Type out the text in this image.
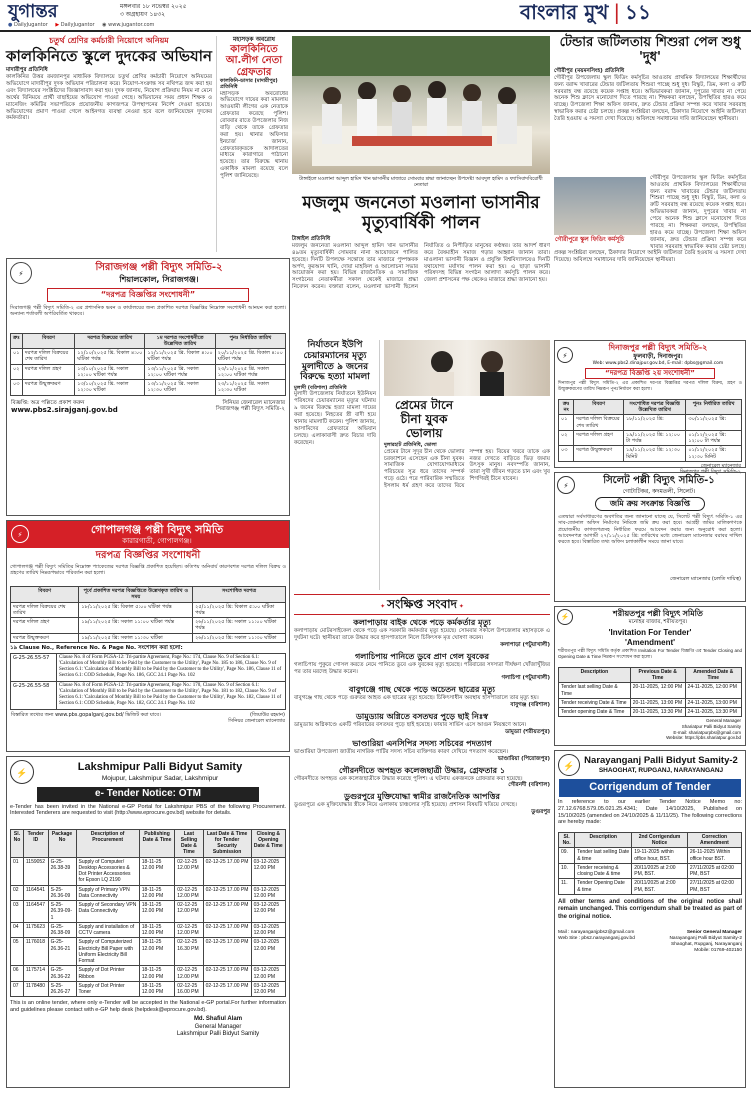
যুগান্তর	মঙ্গলবার ১৮ নভেম্বর ২০২৫
৩ অগ্রহায়ণ ১৪৩২
● DailyJugantor ▶ DailyJugantor ◉ www.jugantor.com
বাংলার মুখ | ১১
চতুর্থ শ্রেণির কর্মচারী নিয়োগে অনিয়ম
কালকিনিতে স্কুলে দুদকের অভিযান
মাদারীপুর প্রতিনিধি
কালকিনির উত্তর রমজানপুর মাধ্যমিক বিদ্যালয়ে চতুর্থ শ্রেণির কর্মচারী নিয়োগে অনিয়মের অভিযোগে মাদারীপুর দুদক অভিযান পরিচালনা করে। নিয়োগ-সংক্রান্ত সব নথিপত্র জব্দ করা হয় এবং বিদ্যালয়ের সংশ্লিষ্টদের জিজ্ঞাসাবাদ করা হয়। দুদক জানায়, নিয়োগ প্রক্রিয়ায় নিয়ম না মেনে অর্থের বিনিময়ে প্রার্থী বাছাইয়ের অভিযোগ পাওয়া গেছে। অভিযানের সময় প্রধান শিক্ষক ও ম্যানেজিং কমিটির সভাপতিকে প্রয়োজনীয় কাগজপত্র উপস্থাপনের নির্দেশ দেওয়া হয়েছে। অভিযোগের প্রমাণ পাওয়া গেলে আইনগত ব্যবস্থা নেওয়া হবে বলে জানিয়েছেন দুদকের কর্মকর্তারা।
মহাসড়ক অবরোধ
কালকিনিতে আ.লীগ নেতা গ্রেফতার
কালকিনি-ডাসার (মাদারীপুর) প্রতিনিধি
মহাসড়ক অবরোধের অভিযোগে দায়ের করা মামলায় আওয়ামী লীগের এক নেতাকে গ্রেফতার করেছে পুলিশ। রোববার রাতে উপজেলার নিজ বাড়ি থেকে তাকে গ্রেফতার করা হয়। থানার অফিসার ইনচার্জ জানান, গ্রেফতারকৃতকে আদালতের মাধ্যমে কারাগারে পাঠানো হয়েছে। তার বিরুদ্ধে থানায় একাধিক মামলা রয়েছে বলে পুলিশ জানিয়েছে।	টাঙ্গাইলে মওলানা আব্দুল হামিদ খান ভাসানীর মাজারে সোমবার শ্রদ্ধা জানাচ্ছেন উপদেষ্টা আবদুল হামিদ ও ফ্যাসিবাদবিরোধী নেতারা
মজলুম জননেতা মওলানা ভাসানীর মৃত্যুবার্ষিকী পালন
টাঙ্গাইল প্রতিনিধি
মজলুম জননেতা মওলানা আব্দুল হামিদ খান ভাসানীর ৪৯তম মৃত্যুবার্ষিকী সোমবার নানা আয়োজনে পালিত হয়েছে। দিনটি উপলক্ষে সন্তোষে তার মাজারে পুষ্পস্তবক অর্পণ, কুরআন খানি, দোয়া মাহফিল ও আলোচনা সভার আয়োজন করা হয়। বিভিন্ন রাজনৈতিক ও সামাজিক সংগঠনের নেতাকর্মীরা সকাল থেকেই মাজারে শ্রদ্ধা নিবেদন করেন। বক্তারা বলেন, মওলানা ভাসানী ছিলেন নির্যাতিত ও নিপীড়িত মানুষের কণ্ঠস্বর। তার আদর্শ ধারণ করে বৈষম্যহীন সমাজ গড়ার আহ্বান জানান তারা। মাওলানা ভাসানী বিজ্ঞান ও প্রযুক্তি বিশ্ববিদ্যালয়েও দিনটি যথাযোগ্য মর্যাদায় পালন করা হয়। এ ছাড়া ভাসানী পরিষদসহ বিভিন্ন সংগঠন আলাদা কর্মসূচি পালন করে। জেলা প্রশাসনের পক্ষ থেকেও মাজারে শ্রদ্ধা জানানো হয়।
টেন্ডার জটিলতায় শিশুরা পেল শুধু 'দুধ'
গৌরীপুর (ময়মনসিংহ) প্রতিনিধি
গৌরীপুর উপজেলায় স্কুল ফিডিং কর্মসূচির আওতায় প্রাথমিক বিদ্যালয়ের শিক্ষার্থীদের জন্য বরাদ্দ খাবারের টেন্ডার জটিলতায় শিশুরা পাচ্ছে শুধু দুধ। বিস্কুট, ডিম, কলা ও রুটি সরবরাহ বন্ধ রয়েছে কয়েক সপ্তাহ ধরে। অভিভাবকরা জানান, দুপুরের খাবার না পেয়ে অনেক শিশু ক্লাসে মনোযোগ দিতে পারছে না। শিক্ষকরা বলছেন, উপস্থিতির হারও কমে যাচ্ছে। উপজেলা শিক্ষা অফিস জানায়, দ্রুত টেন্ডার প্রক্রিয়া সম্পন্ন করে খাবার সরবরাহ স্বাভাবিক করার চেষ্টা চলছে। প্রকল্প সংশ্লিষ্টরা বলছেন, ঠিকাদার নিয়োগে আইনি জটিলতা তৈরি হওয়ায় এ সমস্যা দেখা দিয়েছে। অবিলম্বে সমাধানের দাবি জানিয়েছেন স্থানীয়রা।
গৌরীপুরে স্কুল ফিডিং কর্মসূচি
গৌরীপুর উপজেলায় স্কুল ফিডিং কর্মসূচির আওতায় প্রাথমিক বিদ্যালয়ের শিক্ষার্থীদের জন্য বরাদ্দ খাবারের টেন্ডার জটিলতায় শিশুরা পাচ্ছে শুধু দুধ। বিস্কুট, ডিম, কলা ও রুটি সরবরাহ বন্ধ রয়েছে কয়েক সপ্তাহ ধরে। অভিভাবকরা জানান, দুপুরের খাবার না পেয়ে অনেক শিশু ক্লাসে মনোযোগ দিতে পারছে না। শিক্ষকরা বলছেন, উপস্থিতির হারও কমে যাচ্ছে। উপজেলা শিক্ষা অফিস জানায়, দ্রুত টেন্ডার প্রক্রিয়া সম্পন্ন করে খাবার সরবরাহ স্বাভাবিক করার চেষ্টা চলছে। প্রকল্প সংশ্লিষ্টরা বলছেন, ঠিকাদার নিয়োগে আইনি জটিলতা তৈরি হওয়ায় এ সমস্যা দেখা দিয়েছে। অবিলম্বে সমাধানের দাবি জানিয়েছেন স্থানীয়রা।
⚡
সিরাজগঞ্জ পল্লী বিদ্যুৎ সমিতি-২
শিয়ালকোল, সিরাজগঞ্জ।
“দরপত্র বিজ্ঞপ্তির সংশোধনী”
সিরাজগঞ্জ পল্লী বিদ্যুৎ সমিতি-২ এর প্রশাসনিক ভবন ও কার্যালয়ের জন্য প্রকাশিত দরপত্র বিজ্ঞপ্তির নিম্নোক্ত সংশোধনী আনয়ন করা হলো। অন্যান্য শর্তাবলী অপরিবর্তিত থাকবে।
ক্রঃ	বিবরণ	দরপত্র বিক্রয়ের তারিখ	১ম দরপত্র সংশোধনীতে উল্লেখিত তারিখ	পুনঃ নির্ধারিত তারিখ
০১	দরপত্র দলিল বিক্রয়ের শেষ তারিখ	১২/১০/২০২৫ খ্রি. বিকাল ৪:০০ ঘটিকা পর্যন্ত	১২/১১/২০২৫ খ্রি. বিকাল ৪:০০ ঘটিকা পর্যন্ত	২০/১১/২০২৫ খ্রি. বিকাল ৪:০০ ঘটিকা পর্যন্ত
০২	দরপত্র দলিল গ্রহণ	১৩/১০/২০২৫ খ্রি. সকাল ১২:০০ ঘটিকা পর্যন্ত	১৩/১১/২০২৫ খ্রি. সকাল ১২:০০ ঘটিকা পর্যন্ত	২৩/১১/২০২৫ খ্রি. সকাল ১২:০০ ঘটিকা পর্যন্ত
০৩	দরপত্র উন্মুক্তকরণ	১৩/১০/২০২৫ খ্রি. সকাল ১২:৩০ ঘটিকা	১৩/১১/২০২৫ খ্রি. সকাল ১২:৩০ ঘটিকা	২৩/১১/২০২৫ খ্রি. সকাল ১২:৩০ ঘটিকা
বিজ্ঞপ্তি: অত্র পল্লিতে প্রকাশ করুন
www.pbs2.sirajganj.gov.bd
সিনিয়র জেনারেল ম্যানেজার
সিরাজগঞ্জ পল্লী বিদ্যুৎ সমিতি-২
⚡	গোপালগঞ্জ পল্লী বিদ্যুৎ সমিতি
কারারগাতী, গোপালগঞ্জ।
দরপত্র বিজ্ঞপ্তির সংশোধনী
গোপালগঞ্জ পল্লী বিদ্যুৎ সমিতির নিম্নোক্ত প্যাকেজের দরপত্র বিজ্ঞপ্তি প্রকাশিত হয়েছিল। কতিপয় অনিবার্য কারণবশত দরপত্র দলিল বিক্রয় ও গ্রহণের তারিখ নিম্নরূপভাবে পরিবর্তন করা হলো।
বিবরণ	পূর্বে প্রকাশিত দরপত্র বিজ্ঞপ্তিতে উল্লেখকৃত তারিখ ও সময়	সংশোধিত দরপত্র
দরপত্র দলিল বিক্রয়ের শেষ তারিখ	১৮/১১/২০২৫ খ্রি: বিকাল ৫:০০ ঘটিকা পর্যন্ত	২৫/১১/২০২৫ খ্রি: বিকাল ৫:০০ ঘটিকা পর্যন্ত
দরপত্র দলিল গ্রহণ	১৯/১১/২০২৫ খ্রি: সকাল ১১:০০ ঘটিকা পর্যন্ত	২৬/১১/২০২৫ খ্রি: সকাল ১১:০০ ঘটিকা পর্যন্ত
দরপত্র উন্মুক্তকরণ	১৯/১১/২০২৫ খ্রি: সকাল ১১:৩০ ঘটিকা	২৬/১১/২০২৫ খ্রি: সকাল ১১:৩০ ঘটিকা
১৯ Clause No., Reference No. & Page No. সংশোধন করা হলো:
G-25-26.55-57	Clause No. 8 of Form PGSA-12: Tri-partite Agreement, Page No.: 174, Clause No. 9 of Section 6.1: 'Calculation of Monthly Bill to be Paid by the Customer to the Utility', Page No. 185 to 186, Clause No. 9 of Section 6.1: 'Calculation of Monthly Bill to be Paid by the Customer to the Utility', Page No. 186, Clause 11 of Section 6.1: COD Schedule, Page No. 186, GCC 24.1 Page No. 102
G-25-26.55-58	Clause No. 8 of Form PGSA-12: Tri-partite Agreement, Page No.: 170, Clause No. 9 of Section 6.1: 'Calculation of Monthly Bill to be Paid by the Customer to the Utility', Page No. 181 to 182, Clause No. 9 of Section 6.1: 'Calculation of Monthly Bill to be Paid by the Customer to the Utility', Page No. 182, Clause 11 of Section 6.1: COD Schedule, Page No. 182, GCC 24.1 Page No. 102
বিস্তারিত তথ্যের জন্য www.pbs.gopalganj.gov.bd/ ভিজিট করা যাবে।	(জিয়াউর রহমান)
সিনিয়র জেনারেল ম্যানেজার
⚡	Lakshmipur Palli Bidyut Samity
Mojupur, Lakshmipur Sadar, Lakshmipur
e- Tender Notice: OTM
e-Tender has been invited in the National e-GP Portal for Lakshmipur PBS of the following Procurement. Interested Tenderers are requested to visit (http://www.eprocure.gov.bd) website for details.
Sl. No	Tender ID	Package No	Description of Procurement	Publishing Date & Time	Last Selling Date & Time	Last Date & Time for Tender Security Submission	Closing & Opening Date & Time
01	1159052	G-25-26.38-39	Supply of Computer/ Desktop Accessories & Dot Printer Accessories for Epson LQ 2190	18-11-25 12.00 PM	02-12-25 12.00 PM	02-12-25 17.00 PM	03-12-2025 12.00 PM
02	1164541	S-25-26.36-09	Supply of Primary VPN Data Connectivity	18-11-25 12.00 PM	02-12-25 12.00 PM	02-12-25 17.00 PM	03-12-2025 12.00 PM
03	1164547	S-25-26.39-09-1	Supply of Secondary VPN Data Connectivity	18-11-25 12.00 PM	02-12-25 12.00 PM	02-12-25 17.00 PM	03-12-2025 12.00 PM
04	1175623	G-25-26.38-09	Supply and installation of CCTV camera	18-11-25 12.00 PM	02-12-25 12.00 PM	02-12-25 17.00 PM	03-12-2025 12.00 PM
05	1176018	G-25-26.36-21	Supply of Computerized Electricity Bill Paper with Uniform Electricity Bill Format	18-11-25 12.00 PM	02-12-25 16.30 PM	02-12-25 17.00 PM	03-12-2025 12.00 PM
06	1175714	G-25-26.36-22	Supply of Dot Printer Ribbon	18-11-25 12.00 PM	02-12-25 12.00 PM	02-12-25 17.00 PM	03-12-2025 12.00 PM
07	1178480	S-25-26.26-27	Supply of Dot Printer Toner	18-11-25 12.00 PM	02-12-25 16.00 PM	02-12-25 17.00 PM	03-12-2025 12.00 PM
This is an online tender, where only e-Tender will be accepted in the National e-GP portal.For further information and guidelines please contact with e-GP help desk (helpdesk@eprocure.gov.bd).
Md. Shafiul Alam
General Manager
Lakshmipur Palli Bidyut Samity
নির্যাতনে ইউপি চেয়ারম্যানের মৃত্যু মুলাদীতে ৯ জনের বিরুদ্ধে হত্যা মামলা
মুলাদী (বরিশাল) প্রতিনিধি
মুলাদী উপজেলায় নির্যাতনে ইউনিয়ন পরিষদের চেয়ারম্যানের মৃত্যুর ঘটনায় ৯ জনের বিরুদ্ধে হত্যা মামলা দায়ের করা হয়েছে। নিহতের স্ত্রী বাদী হয়ে থানায় মামলাটি করেন। পুলিশ জানায়, আসামিদের গ্রেফতারে অভিযান চলছে। এলাকাবাসী দ্রুত বিচার দাবি করেছেন।
প্রেমের টানে চীনা যুবক ভোলায়
দুলারহাট প্রতিনিধি, ভোলা
প্রেমের টানে সুদূর চীন থেকে ভোলার চরফ্যাশনে এসেছেন এক চীনা যুবক। সামাজিক যোগাযোগমাধ্যমে পরিচয়ের সূত্র ধরে তাদের সম্পর্ক গড়ে ওঠে। পরে পারিবারিক সম্মতিতে ইসলাম ধর্ম গ্রহণ করে তাদের বিয়ে সম্পন্ন হয়। বিয়ের খবরে তাকে এক নজর দেখতে বাড়িতে ভিড় জমায় উৎসুক মানুষ। নবদম্পতি জানান, তারা সুখী জীবন গড়তে চান এবং খুব শিগগিরই চীনে যাবেন।
✦ সংক্ষিপ্ত সংবাদ ✦
কলাপাড়ায় বাইক থেকে পড়ে কর্মকর্তার মৃত্যু
কলাপাড়ায় মোটরসাইকেল থেকে পড়ে এক সরকারি কর্মকর্তার মৃত্যু হয়েছে। সোমবার সকালে উপজেলার মহাসড়কে এ দুর্ঘটনা ঘটে। স্থানীয়রা তাকে উদ্ধার করে হাসপাতালে নিলে চিকিৎসক মৃত ঘোষণা করেন।
কলাপাড়া (পটুয়াখালী)
গলাচিপায় পানিতে ডুবে প্রাণ গেল যুবকের
গলাচিপায় পুকুরে গোসল করতে নেমে পানিতে ডুবে এক যুবকের মৃত্যু হয়েছে। পরিবারের সদস্যরা দীর্ঘক্ষণ খোঁজাখুঁজির পর তার মরদেহ উদ্ধার করেন।
গলাচিপা (পটুয়াখালী)
বাবুগঞ্জে গাছ থেকে পড়ে অচেতন ছাত্রের মৃত্যু
বাবুগঞ্জে গাছ থেকে পড়ে গুরুতর আহত এক ছাত্রের মৃত্যু হয়েছে। চিকিৎসাধীন অবস্থায় হাসপাতালে তার মৃত্যু হয়।
বাবুগঞ্জ (বরিশাল)
ডামুড্যায় অগ্নিতে বসতঘর পুড়ে ছাই নিঃস্ব
ডামুড্যায় অগ্নিকাণ্ডে একটি পরিবারের বসতঘর পুড়ে ছাই হয়েছে। ফায়ার সার্ভিস এসে আগুন নিয়ন্ত্রণে আনে।
ডামুড্যা (শরীয়তপুর)
ভাণ্ডারিয়া এনসিপির সদস্য সচিবের পদত্যাগ
ভাণ্ডারিয়া উপজেলা জাতীয় নাগরিক পার্টির সদস্য সচিব ব্যক্তিগত কারণ দেখিয়ে পদত্যাগ করেছেন।
ভাণ্ডারিয়া (পিরোজপুর)
গৌরনদীতে অপহৃত কলেজছাত্রী উদ্ধার, গ্রেফতার ১
গৌরনদীতে অপহৃত এক কলেজছাত্রীকে উদ্ধার করেছে পুলিশ। এ ঘটনায় একজনকে গ্রেফতার করা হয়েছে।
গৌরনদী (বরিশাল)
ডুগুরপুরে মুক্তিযোদ্ধা স্বামীর রাজনৈতিক আপত্তির
ডুগুরপুরে এক মুক্তিযোদ্ধার স্ত্রীকে নিয়ে এলাকায় চাঞ্চল্যের সৃষ্টি হয়েছে। প্রশাসন বিষয়টি খতিয়ে দেখছে।
ডুগুরপুর
⚡
দিনাজপুর পল্লী বিদ্যুৎ সমিতি-২
ফুলবাড়ী, দিনাজপুর।
Web: www.pbs2.dinajpur.gov.bd, E-mail: dpbs@gmail.com
“দরপত্র বিজ্ঞপ্তি ২য় সংশোধনী”
দিনাজপুর পল্লী বিদ্যুৎ সমিতি-২ এর প্রকাশিত দরপত্র বিজ্ঞপ্তির দরপত্র দলিল বিক্রয়, গ্রহণ ও উন্মুক্তকরণের তারিখ নিম্নরূপ পুনঃনির্ধারণ করা হলো।
ক্রঃ নং	বিবরণ	সংশোধিত দরপত্র বিজ্ঞপ্তি উল্লেখিত তারিখ	পুনঃ নির্ধারিত তারিখ
০১	দরপত্র দলিল বিক্রয়ের শেষ তারিখ	১৮/১১/২০২৫ খ্রি:	৩০/১১/২০২৫ খ্রি:
০২	দরপত্র দলিল গ্রহণ	১৯/১১/২০২৫ খ্রি: ১২:০০ টা পর্যন্ত	০১/১২/২০২৫ খ্রি: ১২:০০ টা পর্যন্ত
০৩	দরপত্র উন্মুক্তকরণ	১৯/১১/২০২৫ খ্রি: ১২:৩০ মিনিট	০১/১২/২০২৫ খ্রি: ১২:৩০ মিনিট
জেনারেল ম্যানেজার
দিনাজপুর পল্লী বিদ্যুৎ সমিতি-২
⚡	সিলেট পল্লী বিদ্যুৎ সমিতি-১
গোটাটিকর, কদমতলী, সিলেট।
জমি ক্রয় সংক্রান্ত বিজ্ঞপ্তি
এতদ্বারা সর্বসাধারণের অবগতির জন্য জানানো যাচ্ছে যে, সিলেট পল্লী বিদ্যুৎ সমিতি-১ এর সাব-জোনাল অফিস নির্মাণের নিমিত্তে জমি ক্রয় করা হবে। আগ্রহী জমির মালিকগণকে প্রয়োজনীয় কাগজপত্রসহ নির্ধারিত ফরমে আবেদন করার জন্য অনুরোধ করা হলো। আবেদনপত্র আগামী ২৭/১১/২০২৫ খ্রি: তারিখের মধ্যে জেনারেল ম্যানেজার বরাবর দাখিল করতে হবে। বিস্তারিত তথ্য অফিস চলাকালীন সময়ে জানা যাবে।
জেনারেল ম্যানেজার (চলতি দায়িত্ব)
⚡	শরীয়তপুর পল্লী বিদ্যুৎ সমিতি
মনোহর বাজার, শরীয়তপুর।
'Invitation For Tender'
'Amendment'
শরীয়তপুর পল্লী বিদ্যুৎ সমিতি কর্তৃক প্রকাশিত Invitation For Tender বিজ্ঞপ্তি এর Tender Closing and Opening Date & Time নিম্নরূপ সংশোধন করা হলো।
Description	Previous Date & Time	Amended Date & Time
Tender last selling Date & Time	20-11-2025, 12:00 PM	24-11-2025, 12:00 PM
Tender receiving Date & Time	20-11-2025, 13:00 PM	24-11-2025, 13:00 PM
Tender opening Date & Time	20-11-2025, 13:30 PM	24-11-2025, 13:30 PM
General Manager
Shariatpur Palli Bidyut Samity
E-mail: shariatpurpbs@gmail.com
Website: https://pbs.shariatpur.gov.bd
⚡	Narayanganj Palli Bidyut Samity-2
SHAOGHAT, RUPGANJ, NARAYANGANJ
Corrigendum of Tender
In reference to our earlier Tender Notice Memo no: 27.12.6768.579.05.021.25.4341; Date 14/10/2025, Published on 15/10/2025 (amended on 24/10/2025 & 11/11/25). The following corrections are hereby made:
Sl. No.	Description	2nd Corrigendum Notice	Correction Amendment
09.	Tender last selling Date & time	19-11-2025 within office hour, BST.	26-11-2025 Within office hour BST.
10.	Tender receiving & closing Date & time	20/11/2025 at 2:00 PM, BST.	27/11/2025 at 02:00 PM, BST
11.	Tender Opening Date & time	20/11/2025 at 2:00 PM, BST.	27/11/2025 at 02:00 PM, BST
All other terms and conditions of the original notice shall remain unchanged. This corrigendum shall be treated as part of the original notice.
Mail : narayanganjpbs2@gmail.com
Web Site : pbs2.narayanganj.gov.bd
Senior General Manager
Narayanganj Palli Bidyut Samity-2
Shaoghat, Rupganj, Narayanganj
Mobile: 01769-402150
